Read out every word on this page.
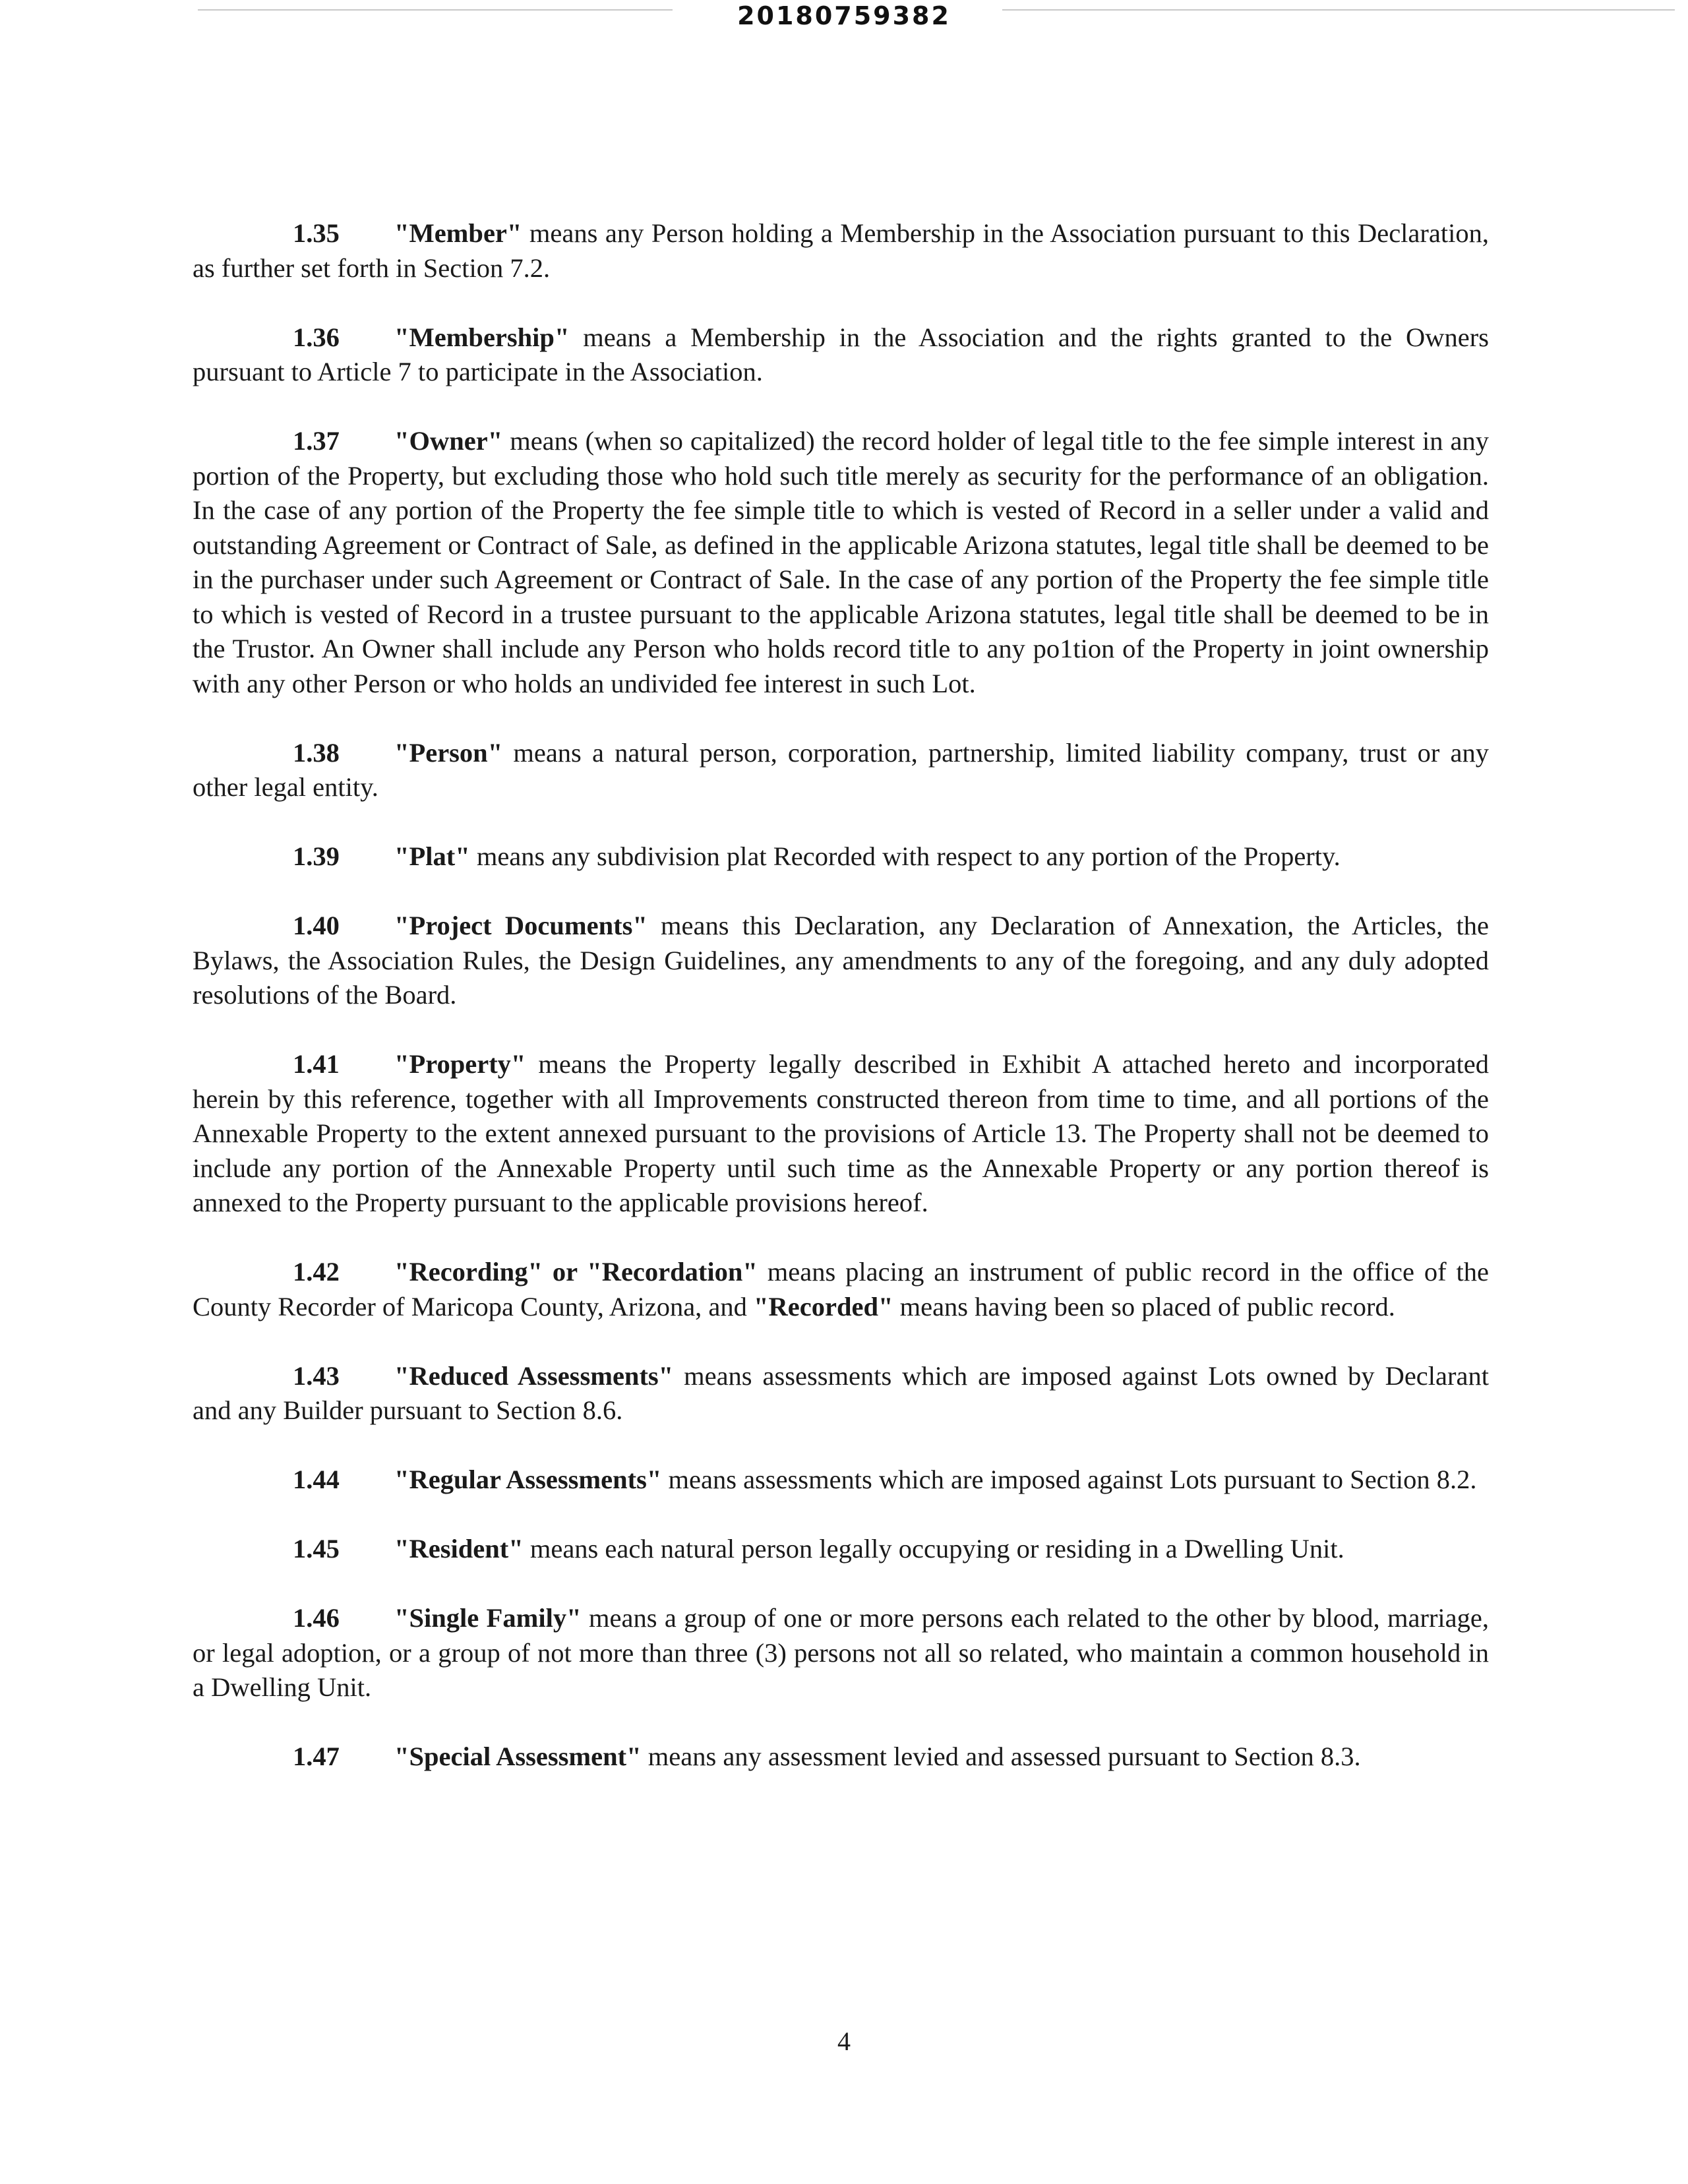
20180759382

1.35 "Member" means any Person holding a Membership in the Association pursuant to this Declaration, as further set forth in Section 7.2.

1.36 "Membership" means a Membership in the Association and the rights granted to the Owners pursuant to Article 7 to participate in the Association.

1.37 "Owner" means (when so capitalized) the record holder of legal title to the fee simple interest in any portion of the Property, but excluding those who hold such title merely as security for the performance of an obligation. In the case of any portion of the Property the fee simple title to which is vested of Record in a seller under a valid and outstanding Agreement or Contract of Sale, as defined in the applicable Arizona statutes, legal title shall be deemed to be in the purchaser under such Agreement or Contract of Sale. In the case of any portion of the Property the fee simple title to which is vested of Record in a trustee pursuant to the applicable Arizona statutes, legal title shall be deemed to be in the Trustor. An Owner shall include any Person who holds record title to any po1tion of the Property in joint ownership with any other Person or who holds an undivided fee interest in such Lot.

1.38 "Person" means a natural person, corporation, partnership, limited liability company, trust or any other legal entity.

1.39 "Plat" means any subdivision plat Recorded with respect to any portion of the Property.

1.40 "Project Documents" means this Declaration, any Declaration of Annexation, the Articles, the Bylaws, the Association Rules, the Design Guidelines, any amendments to any of the foregoing, and any duly adopted resolutions of the Board.

1.41 "Property" means the Property legally described in Exhibit A attached hereto and incorporated herein by this reference, together with all Improvements constructed thereon from time to time, and all portions of the Annexable Property to the extent annexed pursuant to the provisions of Article 13. The Property shall not be deemed to include any portion of the Annexable Property until such time as the Annexable Property or any portion thereof is annexed to the Property pursuant to the applicable provisions hereof.

1.42 "Recording" or "Recordation" means placing an instrument of public record in the office of the County Recorder of Maricopa County, Arizona, and "Recorded" means having been so placed of public record.

1.43 "Reduced Assessments" means assessments which are imposed against Lots owned by Declarant and any Builder pursuant to Section 8.6.

1.44 "Regular Assessments" means assessments which are imposed against Lots pursuant to Section 8.2.

1.45 "Resident" means each natural person legally occupying or residing in a Dwelling Unit.

1.46 "Single Family" means a group of one or more persons each related to the other by blood, marriage, or legal adoption, or a group of not more than three (3) persons not all so related, who maintain a common household in a Dwelling Unit.

1.47 "Special Assessment" means any assessment levied and assessed pursuant to Section 8.3.

4
